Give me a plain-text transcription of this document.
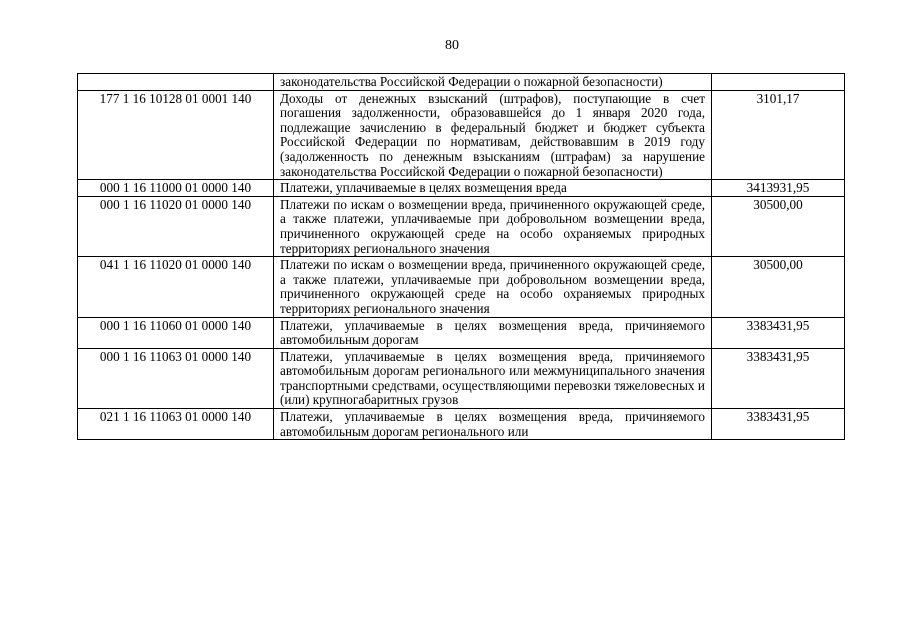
80
	законодательства Российской Федерации о пожарной безопасности)	
177 1 16 10128 01 0001 140	Доходы от денежных взысканий (штрафов), поступающие в счет погашения задолженности, образовавшейся до 1 января 2020 года, подлежащие зачислению в федеральный бюджет и бюджет субъекта Российской Федерации по нормативам, действовавшим в 2019 году (задолженность по денежным взысканиям (штрафам) за нарушение законодательства Российской Федерации о пожарной безопасности)	3101,17
000 1 16 11000 01 0000 140	Платежи, уплачиваемые в целях возмещения вреда	3413931,95
000 1 16 11020 01 0000 140	Платежи по искам о возмещении вреда, причиненного окружающей среде, а также платежи, уплачиваемые при добровольном возмещении вреда, причиненного окружающей среде на особо охраняемых природных территориях регионального значения	30500,00
041 1 16 11020 01 0000 140	Платежи по искам о возмещении вреда, причиненного окружающей среде, а также платежи, уплачиваемые при добровольном возмещении вреда, причиненного окружающей среде на особо охраняемых природных территориях регионального значения	30500,00
000 1 16 11060 01 0000 140	Платежи, уплачиваемые в целях возмещения вреда, причиняемого автомобильным дорогам	3383431,95
000 1 16 11063 01 0000 140	Платежи, уплачиваемые в целях возмещения вреда, причиняемого автомобильным дорогам регионального или межмуниципального значения транспортными средствами, осуществляющими перевозки тяжеловесных и (или) крупногабаритных грузов	3383431,95
021 1 16 11063 01 0000 140	Платежи, уплачиваемые в целях возмещения вреда, причиняемого автомобильным дорогам регионального или	3383431,95
